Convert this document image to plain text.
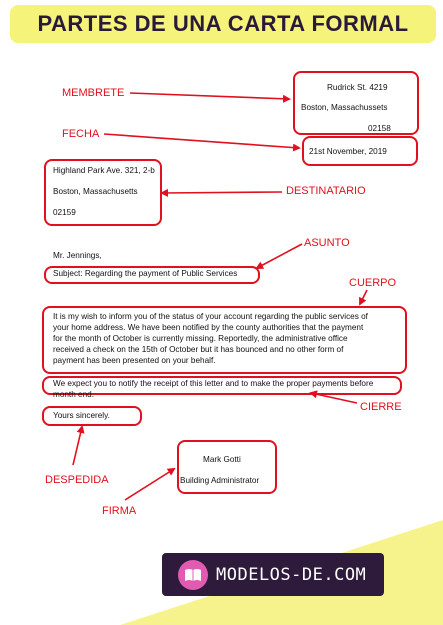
PARTES DE UNA CARTA FORMAL
Rudrick St. 4219
Boston, Massachussets
02158
21st November, 2019
Highland Park Ave. 321, 2-b
Boston, Massachusetts
02159
Mr. Jennings,
Subject: Regarding the payment of Public Services
It is my wish to inform you of the status of your account regarding the public services of
your home address. We have been notified by the county authorities that the payment
for the month of October is currently missing. Reportedly, the administrative office
received a check on the 15th of October but it has bounced and no other form of
payment has been presented on your behalf.
We expect you to notify the receipt of this letter and to make the proper payments before
month end.
Yours sincerely.
Mark Gotti
Building Administrator
MEMBRETE
FECHA
DESTINATARIO
ASUNTO
CUERPO
CIERRE
DESPEDIDA
FIRMA
MODELOS-DE.COM
